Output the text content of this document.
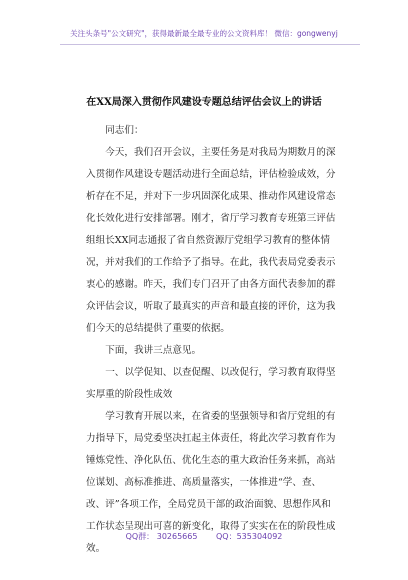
关注头条号"公文研究"，获得最新最全最专业的公文资料库！ 微信：gongwenyj
在XX局深入贯彻作风建设专题总结评估会议上的讲话

同志们：

今天，我们召开会议，主要任务是对我局为期数月的深入贯彻作风建设专题活动进行全面总结，评估检验成效，分析存在不足，并对下一步巩固深化成果、推动作风建设常态化长效化进行安排部署。刚才，省厅学习教育专班第三评估组组长XX同志通报了省自然资源厅党组学习教育的整体情况，并对我们的工作给予了指导。在此，我代表局党委表示衷心的感谢。昨天，我们专门召开了由各方面代表参加的群众评估会议，听取了最真实的声音和最直接的评价，这为我们今天的总结提供了重要的依据。

下面，我讲三点意见。

一、以学促知、以查促醒、以改促行，学习教育取得坚实厚重的阶段性成效

学习教育开展以来，在省委的坚强领导和省厅党组的有力指导下，局党委坚决扛起主体责任，将此次学习教育作为锤炼党性、净化队伍、优化生态的重大政治任务来抓，高站位谋划、高标准推进、高质量落实，一体推进“学、查、改、评”各项工作，全局党员干部的政治面貌、思想作风和工作状态呈现出可喜的新变化，取得了实实在在的阶段性成效。

QQ群： 30265665 QQ：535304092
